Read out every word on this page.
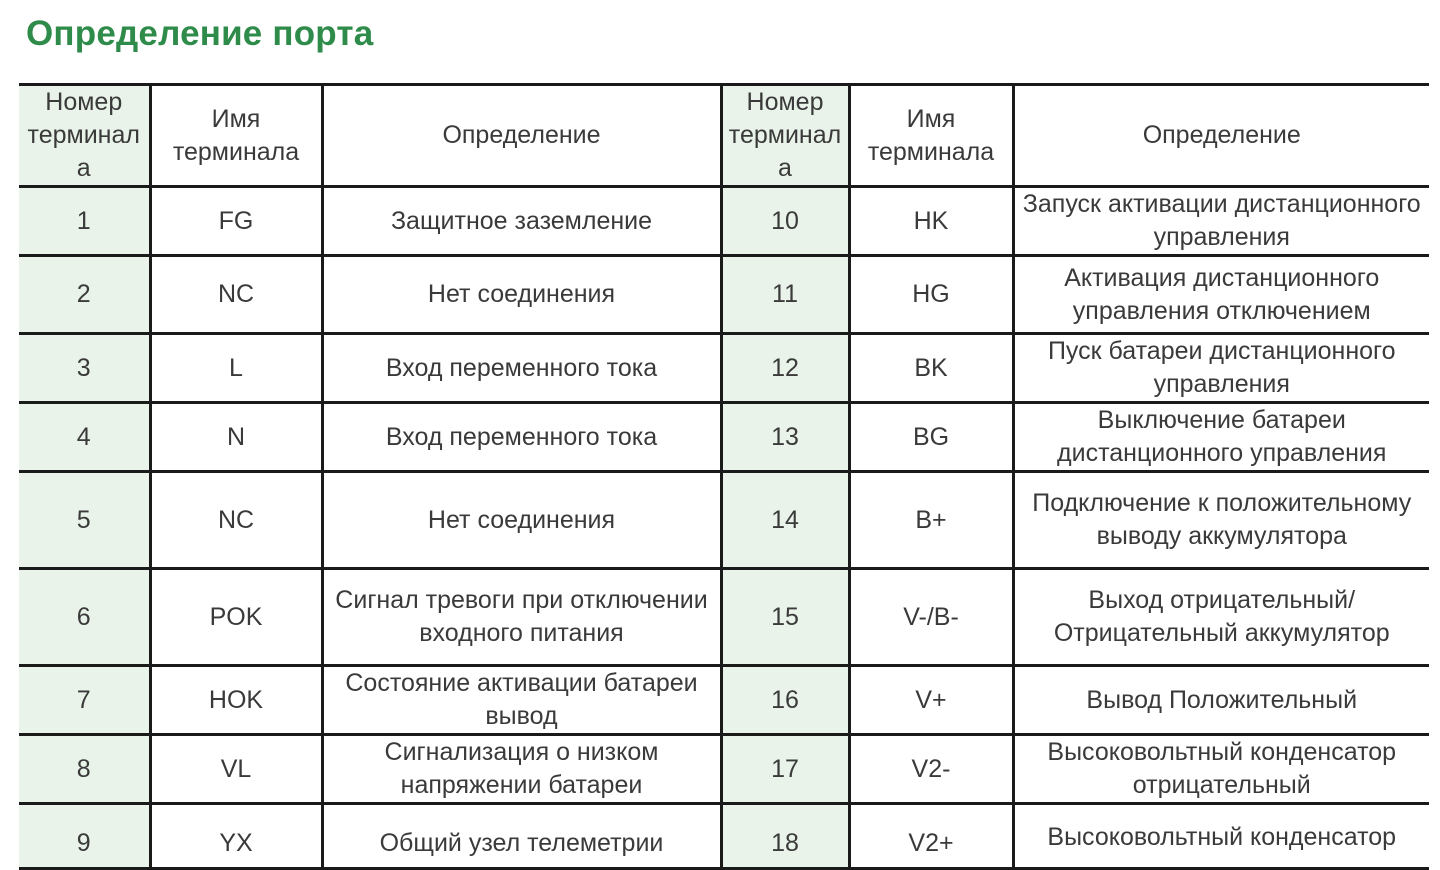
Определение порта
Номер терминал а	Имя терминала	Определение	Номер терминал а	Имя терминала	Определение
1	FG	Защитное заземление	10	HK	Запуск активации дистанционного управления
2	NC	Нет соединения	11	HG	Активация дистанционного управления отключением
3	L	Вход переменного тока	12	BK	Пуск батареи дистанционного управления
4	N	Вход переменного тока	13	BG	Выключение батареи дистанционного управления
5	NC	Нет соединения	14	B+	Подключение к положительному выводу аккумулятора
6	POK	Сигнал тревоги при отключении входного питания	15	V-/B-	Выход отрицательный/Отрицательный аккумулятор
7	HOK	Состояние активации батареи вывод	16	V+	Вывод Положительный
8	VL	Сигнализация о низком напряжении батареи	17	V2-	Высоковольтный конденсатор отрицательный

9	YX	Общий узел телеметрии	18	V2+	Высоковольтный конденсатор
